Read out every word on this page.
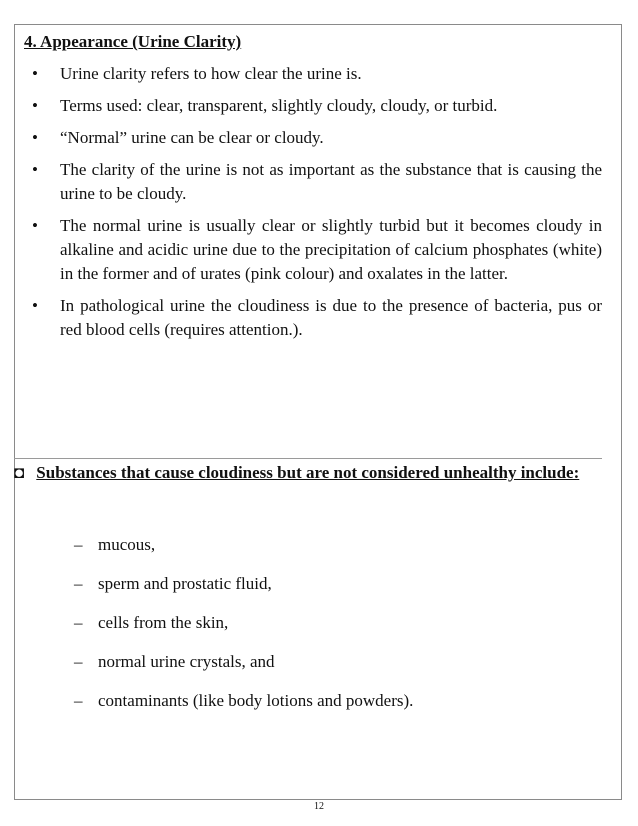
4. Appearance (Urine Clarity)
• Urine clarity refers to how clear the urine is.
• Terms used: clear, transparent, slightly cloudy, cloudy, or turbid.
• “Normal” urine can be clear or cloudy.
• The clarity of the urine is not as important as the substance that is causing the urine to be cloudy.
• The normal urine is usually clear or slightly turbid but it becomes cloudy in alkaline and acidic urine due to the precipitation of calcium phosphates (white) in the former and of urates (pink colour) and oxalates in the latter.
• In pathological urine the cloudiness is due to the presence of bacteria, pus or red blood cells (requires attention.).
◘ Substances that cause cloudiness but are not considered unhealthy include:
– mucous,
– sperm and prostatic fluid,
– cells from the skin,
– normal urine crystals, and
– contaminants (like body lotions and powders).
12
